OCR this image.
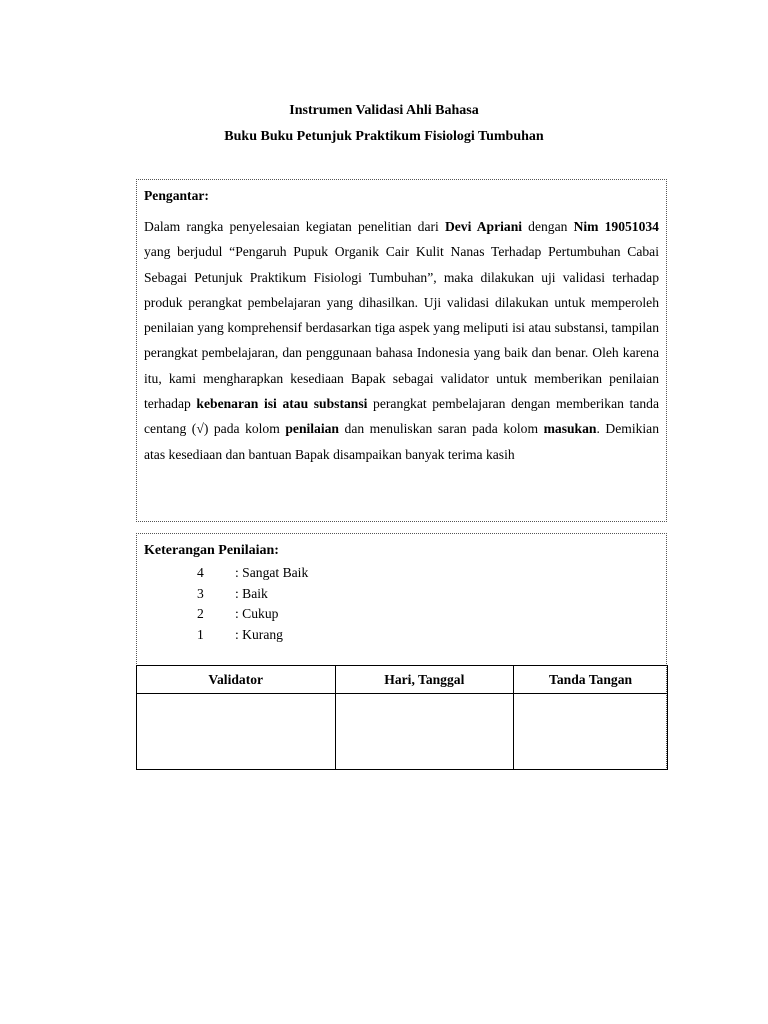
Instrumen Validasi Ahli Bahasa
Buku Buku Petunjuk Praktikum Fisiologi Tumbuhan

Pengantar:

Dalam rangka penyelesaian kegiatan penelitian dari Devi Apriani dengan Nim 19051034 yang berjudul “Pengaruh Pupuk Organik Cair Kulit Nanas Terhadap Pertumbuhan Cabai Sebagai Petunjuk Praktikum Fisiologi Tumbuhan”, maka dilakukan uji validasi terhadap produk perangkat pembelajaran yang dihasilkan. Uji validasi dilakukan untuk memperoleh penilaian yang komprehensif berdasarkan tiga aspek yang meliputi isi atau substansi, tampilan perangkat pembelajaran, dan penggunaan bahasa Indonesia yang baik dan benar. Oleh karena itu, kami mengharapkan kesediaan Bapak sebagai validator untuk memberikan penilaian terhadap kebenaran isi atau substansi perangkat pembelajaran dengan memberikan tanda centang (√) pada kolom penilaian dan menuliskan saran pada kolom masukan. Demikian atas kesediaan dan bantuan Bapak disampaikan banyak terima kasih

Keterangan Penilaian:
4	: Sangat Baik
3	: Baik
2	: Cukup
1	: Kurang
Validator	Hari, Tanggal	Tanda Tangan
